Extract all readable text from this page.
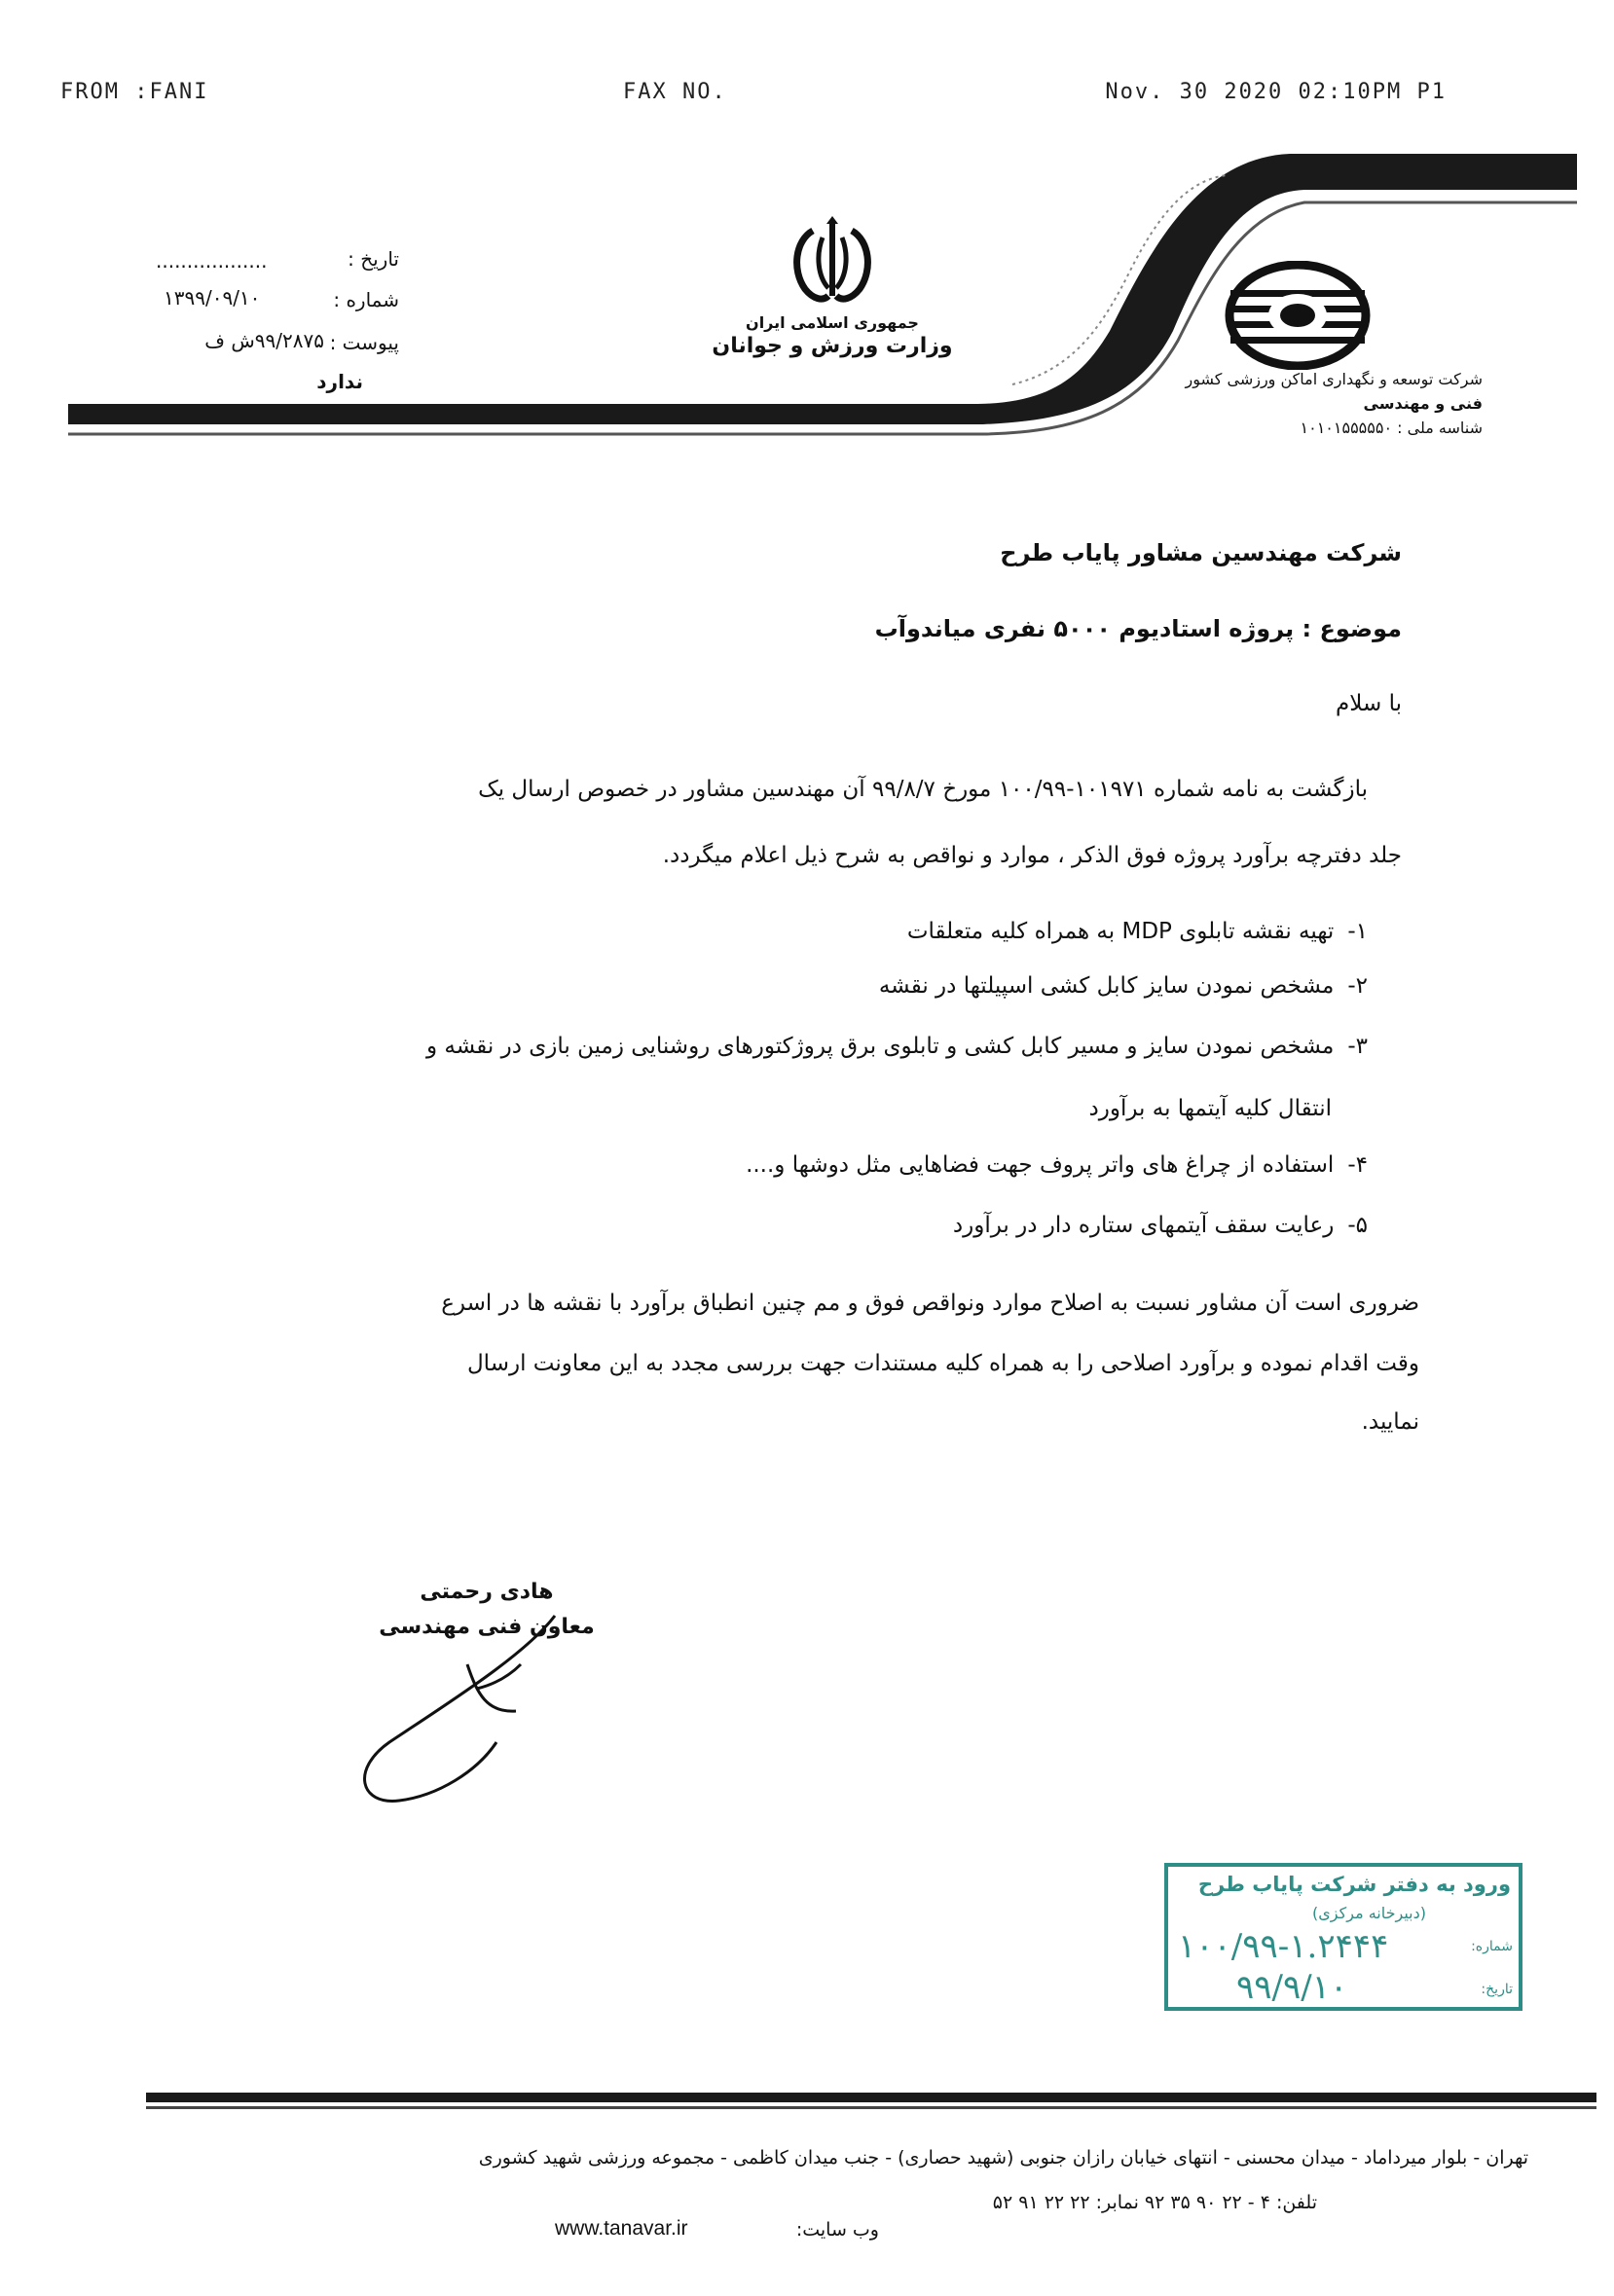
FROM :FANI	FAX NO.	Nov. 30 2020 02:10PM P1
تاریخ :
..................
شماره :
۱۳۹۹/۰۹/۱۰
پیوست :
۹۹/۲۸۷۵ش ف
ندارد
جمهوری اسلامی ایران
وزارت ورزش و جوانان
شرکت توسعه و نگهداری اماکن ورزشی کشور
فنی و مهندسی
شناسه ملی : ۱۰۱۰۱۵۵۵۵۵۰
شرکت مهندسین مشاور پایاب طرح
موضوع : پروژه استادیوم ۵۰۰۰ نفری میاندوآب
با سلام
بازگشت به نامه شماره ۱۰۱۹۷۱-۱۰۰/۹۹ مورخ ۹۹/۸/۷ آن مهندسین مشاور در خصوص ارسال یک
جلد دفترچه برآورد پروژه فوق الذکر ، موارد و نواقص به شرح ذیل اعلام میگردد.
۱-تهیه نقشه تابلوی MDP به همراه کلیه متعلقات
۲-مشخص نمودن سایز کابل کشی اسپیلتها در نقشه
۳-مشخص نمودن سایز و مسیر کابل کشی و تابلوی برق پروژکتورهای روشنایی زمین بازی در نقشه و
انتقال کلیه آیتمها به برآورد
۴-استفاده از چراغ های واتر پروف جهت فضاهایی مثل دوشها و....
۵-رعایت سقف آیتمهای ستاره دار در برآورد
ضروری است آن مشاور نسبت به اصلاح موارد ونواقص فوق و مم چنین انطباق برآورد با نقشه ها در اسرع
وقت اقدام نموده و برآورد اصلاحی را به همراه کلیه مستندات جهت بررسی مجدد به این معاونت ارسال
نمایید.
هادی رحمتی
معاون فنی مهندسی
ورود به دفتر شرکت پایاب طرح
(دبیرخانه مرکزی)
شماره:
۱۰۰/۹۹-۱.۲۴۴۴
تاریخ:
۹۹/۹/۱۰
تهران - بلوار میرداماد - میدان محسنی - انتهای خیابان رازان جنوبی (شهید حصاری) - جنب میدان کاظمی - مجموعه ورزشی شهید کشوری
تلفن: ۴ - ۲۲ ۹۰ ۳۵ ۹۲ نمابر: ۲۲ ۲۲ ۹۱ ۵۲
وب سایت:
www.tanavar.ir
